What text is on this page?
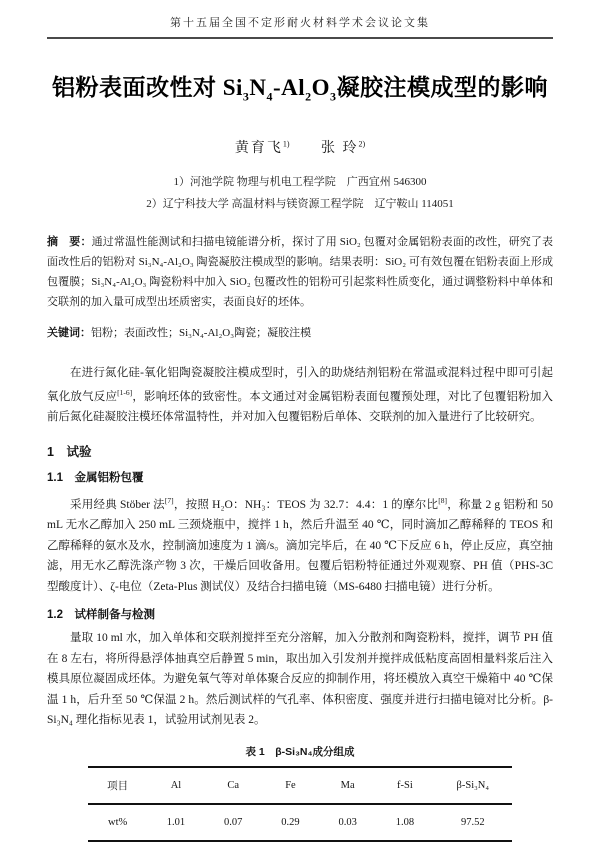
第十五届全国不定形耐火材料学术会议论文集
铝粉表面改性对 $Si_3N_4-Al_2O_3$凝胶注模成型的影响
黄育飞$^{1)}$ 张 玲$^{2)}$
1）河池学院 物理与机电工程学院　广西宜州 546300
2）辽宁科技大学 高温材料与镁资源工程学院　辽宁鞍山 114051

摘　要：通过常温性能测试和扫描电镜能谱分析，探讨了用 SiO₂ 包覆对金属铝粉表面的改性，研究了表面改性后的铝粉对 Si₃N₄-Al₂O₃ 陶瓷凝胶注模成型的影响。结果表明：SiO₂ 可有效包覆在铝粉表面上形成包覆膜；Si₃N₄-Al₂O₃ 陶瓷粉料中加入 SiO₂ 包覆改性的铝粉可引起浆料性质变化，通过调整粉料中单体和交联剂的加入量可成型出坯质密实，表面良好的坯体。

关键词：铝粉；表面改性；Si₃N₄-Al₂O₃陶瓷；凝胶注模

在进行氮化硅-氧化铝陶瓷凝胶注模成型时，引入的助烧结剂铝粉在常温或混料过程中即可引起氧化放气反应[1-6]，影响坯体的致密性。本文通过对金属铝粉表面包覆预处理，对比了包覆铝粉加入前后氮化硅凝胶注模坯体常温特性，并对加入包覆铝粉后单体、交联剂的加入量进行了比较研究。

1　试验
1.1　金属铝粉包覆

采用经典 Stöber 法[7]，按照 H₂O：NH₃：TEOS 为 32.7：4.4：1 的摩尔比[8]，称量 2 g 铝粉和 50 mL 无水乙醇加入 250 mL 三颈烧瓶中，搅拌 1 h，然后升温至 40 ℃，同时滴加乙醇稀释的 TEOS 和乙醇稀释的氨水及水，控制滴加速度为 1 滴/s。滴加完毕后，在 40 ℃下反应 6 h，停止反应，真空抽滤，用无水乙醇洗涤产物 3 次，干燥后回收备用。包覆后铝粉特征通过外观观察、PH 值（PHS-3C 型酸度计）、ζ-电位（Zeta-Plus 测试仪）及结合扫描电镜（MS-6480 扫描电镜）进行分析。

1.2　试样制备与检测

量取 10 ml 水，加入单体和交联剂搅拌至充分溶解，加入分散剂和陶瓷粉料，搅拌，调节 PH 值在 8 左右，将所得悬浮体抽真空后静置 5 min，取出加入引发剂并搅拌成低粘度高固相量料浆后注入模具原位凝固成坯体。为避免氧气等对单体聚合反应的抑制作用，将坯模放入真空干燥箱中 40 ℃保温 1 h，后升至 50 ℃保温 2 h。然后测试样的气孔率、体积密度、强度并进行扫描电镜对比分析。β-Si₃N₄ 理化指标见表 1，试验用试剂见表 2。

表 1　β-Si₃N₄成分组成
项目	Al	Ca	Fe	Ma	f-Si	β-Si₃N₄
wt%	1.01	0.07	0.29	0.03	1.08	97.52
